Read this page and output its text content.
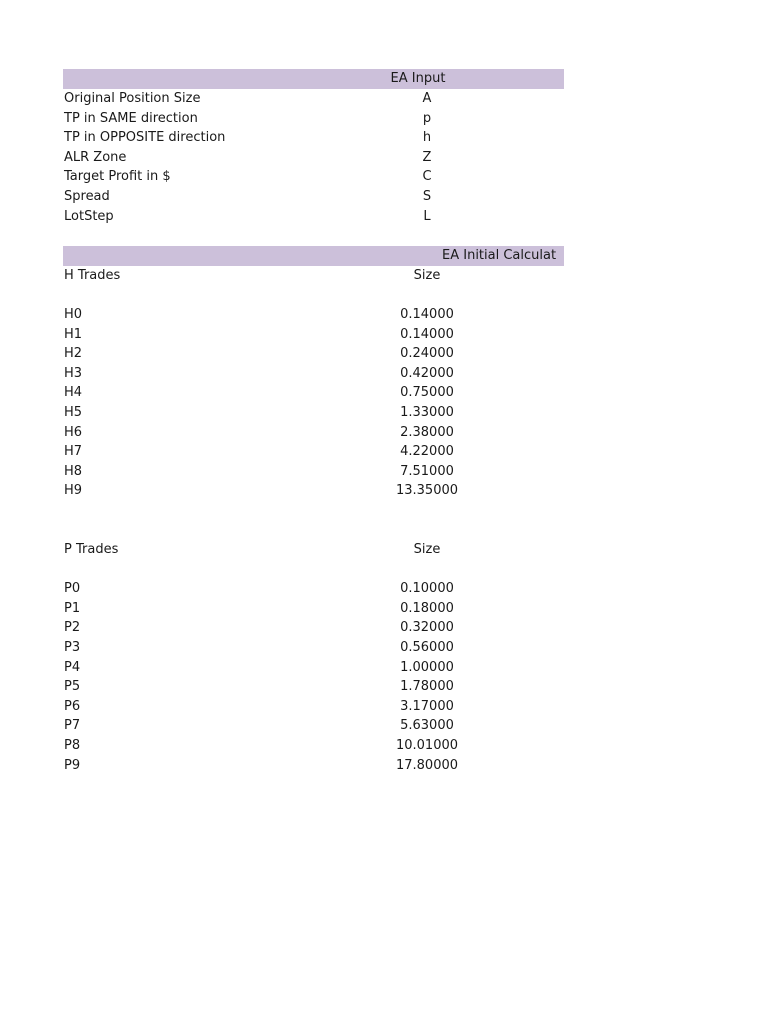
EA Input
Original Position Size	A
TP in SAME direction	p
TP in OPPOSITE direction	h
ALR Zone	Z
Target Profit in $	C
Spread	S
LotStep	L
EA Initial Calculat
H Trades	Size
H0	0.14000
H1	0.14000
H2	0.24000
H3	0.42000
H4	0.75000
H5	1.33000
H6	2.38000
H7	4.22000
H8	7.51000
H9	13.35000
P Trades	Size
P0	0.10000
P1	0.18000
P2	0.32000
P3	0.56000
P4	1.00000
P5	1.78000
P6	3.17000
P7	5.63000
P8	10.01000
P9	17.80000
